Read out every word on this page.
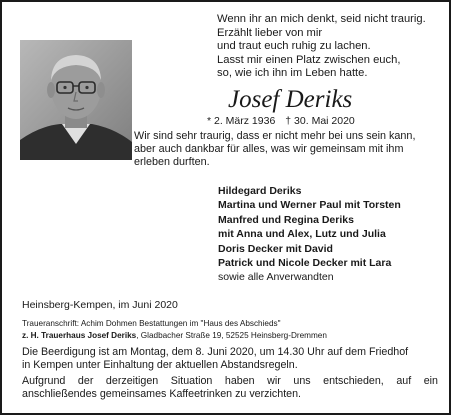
Wenn ihr an mich denkt, seid nicht traurig.
Erzählt lieber von mir
und traut euch ruhig zu lachen.
Lasst mir einen Platz zwischen euch,
so, wie ich ihn im Leben hatte.
Josef Deriks
* 2. März 1936 † 30. Mai 2020
Wir sind sehr traurig, dass er nicht mehr bei uns sein kann,
aber auch dankbar für alles, was wir gemeinsam mit ihm
erleben durften.
Hildegard Deriks
Martina und Werner Paul mit Torsten
Manfred und Regina Deriks
mit Anna und Alex, Lutz und Julia
Doris Decker mit David
Patrick und Nicole Decker mit Lara
sowie alle Anverwandten
Heinsberg-Kempen, im Juni 2020
Traueranschrift: Achim Dohmen Bestattungen im "Haus des Abschieds"
z. H. Trauerhaus Josef Deriks, Gladbacher Straße 19, 52525 Heinsberg-Dremmen
Die Beerdigung ist am Montag, dem 8. Juni 2020, um 14.30 Uhr auf dem Friedhof
in Kempen unter Einhaltung der aktuellen Abstandsregeln.
Aufgrund der derzeitigen Situation haben wir uns entschieden, auf ein
anschließendes gemeinsames Kaffeetrinken zu verzichten.
